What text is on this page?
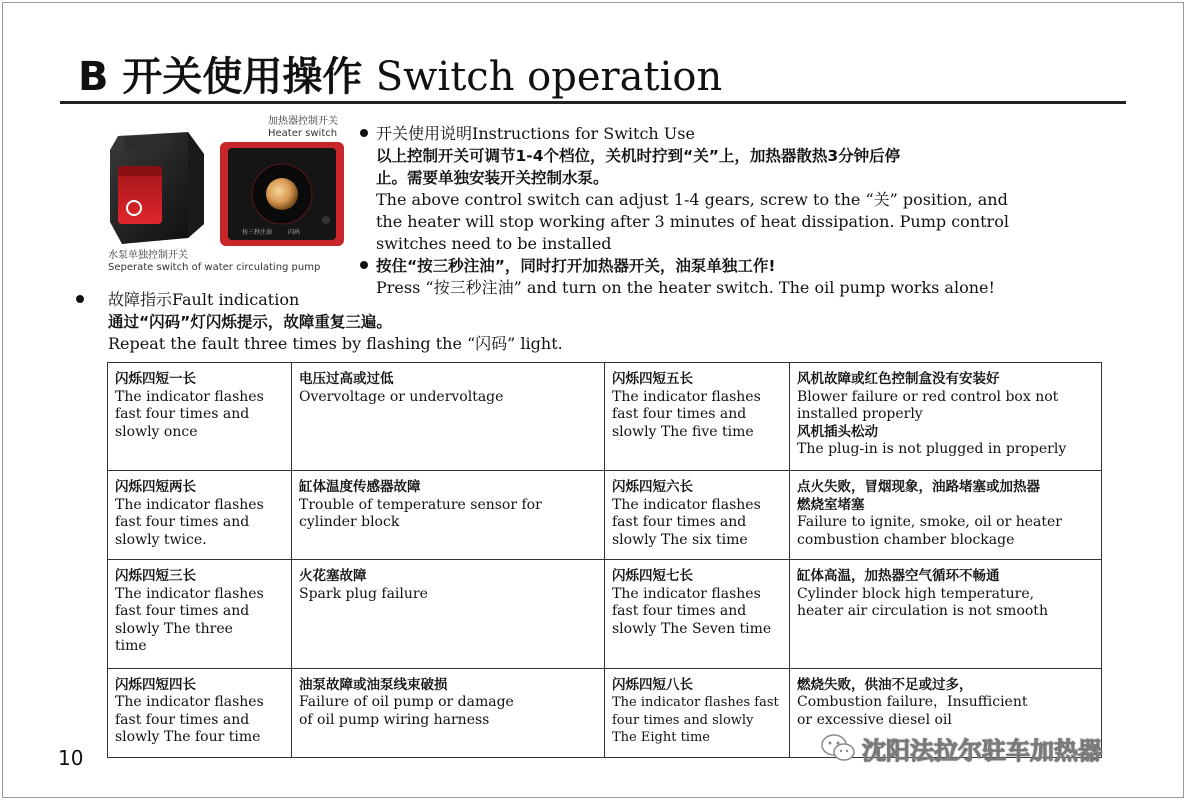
B 开关使用操作 Switch operation
按三秒注油	闪码
加热器控制开关
Heater switch
水泵单独控制开关
Seperate switch of water circulating pump
开关使用说明Instructions for Switch Use
以上控制开关可调节1-4个档位，关机时拧到“关”上，加热器散热3分钟后停
止。需要单独安装开关控制水泵。
The above control switch can adjust 1-4 gears, screw to the “关” position, and
the heater will stop working after 3 minutes of heat dissipation. Pump control
switches need to be installed
按住“按三秒注油”，同时打开加热器开关，油泵单独工作!
Press “按三秒注油” and turn on the heater switch. The oil pump works alone!
故障指示Fault indication
通过“闪码”灯闪烁提示，故障重复三遍。
Repeat the fault three times by flashing the “闪码” light.
闪烁四短一长
The indicator flashes
fast four times and
slowly once	电压过高或过低
Overvoltage or undervoltage	闪烁四短五长
The indicator flashes
fast four times and
slowly The five time	风机故障或红色控制盒没有安装好
Blower failure or red control box not
installed properly
风机插头松动
The plug-in is not plugged in properly

闪烁四短两长
The indicator flashes
fast four times and
slowly twice.	缸体温度传感器故障
Trouble of temperature sensor for
cylinder block	闪烁四短六长
The indicator flashes
fast four times and
slowly The six time	点火失败，冒烟现象，油路堵塞或加热器
燃烧室堵塞
Failure to ignite, smoke, oil or heater
combustion chamber blockage

闪烁四短三长
The indicator flashes
fast four times and
slowly The three
time	火花塞故障
Spark plug failure	闪烁四短七长
The indicator flashes
fast four times and
slowly The Seven time	缸体高温，加热器空气循环不畅通
Cylinder block high temperature,
heater air circulation is not smooth

闪烁四短四长
The indicator flashes
fast four times and
slowly The four time	油泵故障或油泵线束破损
Failure of oil pump or damage
of oil pump wiring harness	闪烁四短八长
The indicator flashes fast
four times and slowly
The Eight time	燃烧失败，供油不足或过多，
Combustion failure，Insufficient
or excessive diesel oil
10	沈阳法拉尔驻车加热器
